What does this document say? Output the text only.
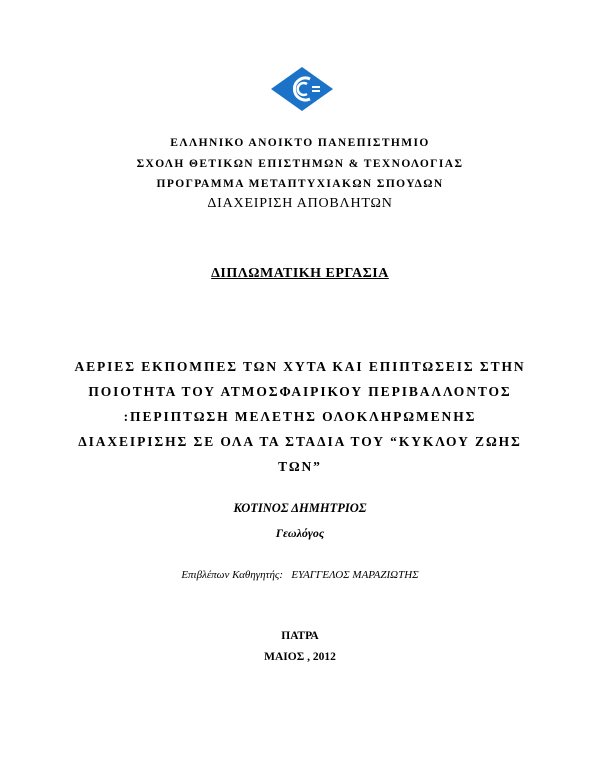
ΕΛΛΗΝΙΚΟ ΑΝΟΙΚΤΟ ΠΑΝΕΠΙΣΤΗΜΙΟ
ΣΧΟΛΗ ΘΕΤΙΚΩΝ ΕΠΙΣΤΗΜΩΝ & ΤΕΧΝΟΛΟΓΙΑΣ
ΠΡΟΓΡΑΜΜΑ ΜΕΤΑΠΤΥΧΙΑΚΩΝ ΣΠΟΥΔΩΝ
ΔΙΑΧΕΙΡΙΣΗ ΑΠΟΒΛΗΤΩΝ
ΔΙΠΛΩΜΑΤΙΚΗ ΕΡΓΑΣΙΑ
ΑΕΡΙΕΣ ΕΚΠΟΜΠΕΣ ΤΩΝ ΧΥΤΑ ΚΑΙ ΕΠΙΠΤΩΣΕΙΣ ΣΤΗΝ
ΠΟΙΟΤΗΤΑ ΤΟΥ ΑΤΜΟΣΦΑΙΡΙΚΟΥ ΠΕΡΙΒΑΛΛΟΝΤΟΣ
:ΠΕΡΙΠΤΩΣΗ ΜΕΛΕΤΗΣ ΟΛΟΚΛΗΡΩΜΕΝΗΣ
ΔΙΑΧΕΙΡΙΣΗΣ ΣΕ ΟΛΑ ΤΑ ΣΤΑΔΙΑ ΤΟΥ “ΚΥΚΛΟΥ ΖΩΗΣ
ΤΩΝ”
ΚΟΤΙΝΟΣ ΔΗΜΗΤΡΙΟΣ
Γεωλόγος
Επιβλέπων Καθηγητής: ΕΥΑΓΓΕΛΟΣ ΜΑΡΑΖΙΩΤΗΣ
ΠΑΤΡΑ
ΜΑΙΟΣ , 2012
